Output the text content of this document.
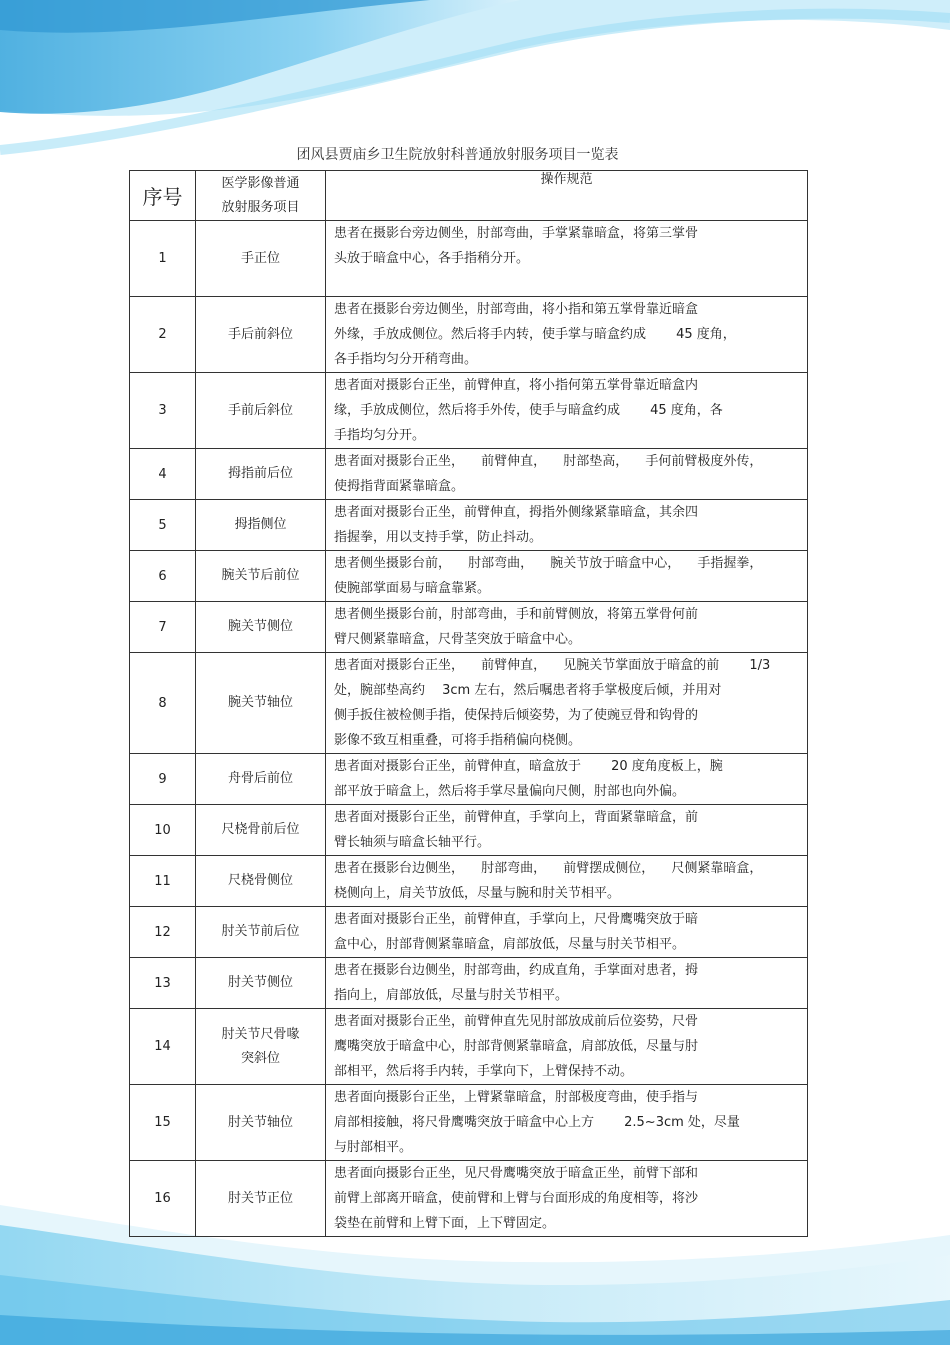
团风县贾庙乡卫生院放射科普通放射服务项目一览表
序号	医学影像普通
放射服务项目	操作规范
1	手正位	患者在摄影台旁边侧坐，肘部弯曲，手掌紧靠暗盒，将第三掌骨
头放于暗盒中心，各手指稍分开。

2	手后前斜位	患者在摄影台旁边侧坐，肘部弯曲，将小指和第五掌骨靠近暗盒
外缘，手放成侧位。然后将手内转，使手掌与暗盒约成 　　45 度角，
各手指均匀分开稍弯曲。

3	手前后斜位	患者面对摄影台正坐，前臂伸直，将小指何第五掌骨靠近暗盒内
缘，手放成侧位，然后将手外传，使手与暗盒约成 　　45 度角，各
手指均匀分开。

4	拇指前后位	患者面对摄影台正坐， 　前臂伸直， 　肘部垫高， 　手何前臂极度外传，
使拇指背面紧靠暗盒。

5	拇指侧位	患者面对摄影台正坐，前臂伸直，拇指外侧缘紧靠暗盒，其余四
指握拳，用以支持手掌，防止抖动。

6	腕关节后前位	患者侧坐摄影台前， 　肘部弯曲， 　腕关节放于暗盒中心， 　手指握拳，
使腕部掌面易与暗盒靠紧。

7	腕关节侧位	患者侧坐摄影台前，肘部弯曲，手和前臂侧放，将第五掌骨何前
臂尺侧紧靠暗盒，尺骨茎突放于暗盒中心。

8	腕关节轴位	患者面对摄影台正坐， 　前臂伸直， 　见腕关节掌面放于暗盒的前 　　1/3
处，腕部垫高约 　3cm 左右，然后嘱患者将手掌极度后倾，并用对
侧手扳住被检侧手指，使保持后倾姿势，为了使豌豆骨和钩骨的
影像不致互相重叠，可将手指稍偏向桡侧。

9	舟骨后前位	患者面对摄影台正坐，前臂伸直，暗盒放于 　　20 度角度板上，腕
部平放于暗盒上，然后将手掌尽量偏向尺侧，肘部也向外偏。

10	尺桡骨前后位	患者面对摄影台正坐，前臂伸直，手掌向上，背面紧靠暗盒，前
臂长轴须与暗盒长轴平行。

11	尺桡骨侧位	患者在摄影台边侧坐， 　肘部弯曲， 　前臂摆成侧位， 　尺侧紧靠暗盒，
桡侧向上，肩关节放低，尽量与腕和肘关节相平。

12	肘关节前后位	患者面对摄影台正坐，前臂伸直，手掌向上，尺骨鹰嘴突放于暗
盒中心，肘部背侧紧靠暗盒，肩部放低，尽量与肘关节相平。

13	肘关节侧位	患者在摄影台边侧坐，肘部弯曲，约成直角，手掌面对患者，拇
指向上，肩部放低，尽量与肘关节相平。

14	肘关节尺骨喙
突斜位	患者面对摄影台正坐，前臂伸直先见肘部放成前后位姿势，尺骨
鹰嘴突放于暗盒中心，肘部背侧紧靠暗盒，肩部放低，尽量与肘
部相平，然后将手内转，手掌向下，上臂保持不动。

15	肘关节轴位	患者面向摄影台正坐，上臂紧靠暗盒，肘部极度弯曲，使手指与
肩部相接触，将尺骨鹰嘴突放于暗盒中心上方 　　2.5~3cm 处，尽量
与肘部相平。

16	肘关节正位	患者面向摄影台正坐，见尺骨鹰嘴突放于暗盒正坐，前臂下部和
前臂上部离开暗盒，使前臂和上臂与台面形成的角度相等，将沙
袋垫在前臂和上臂下面，上下臂固定。
